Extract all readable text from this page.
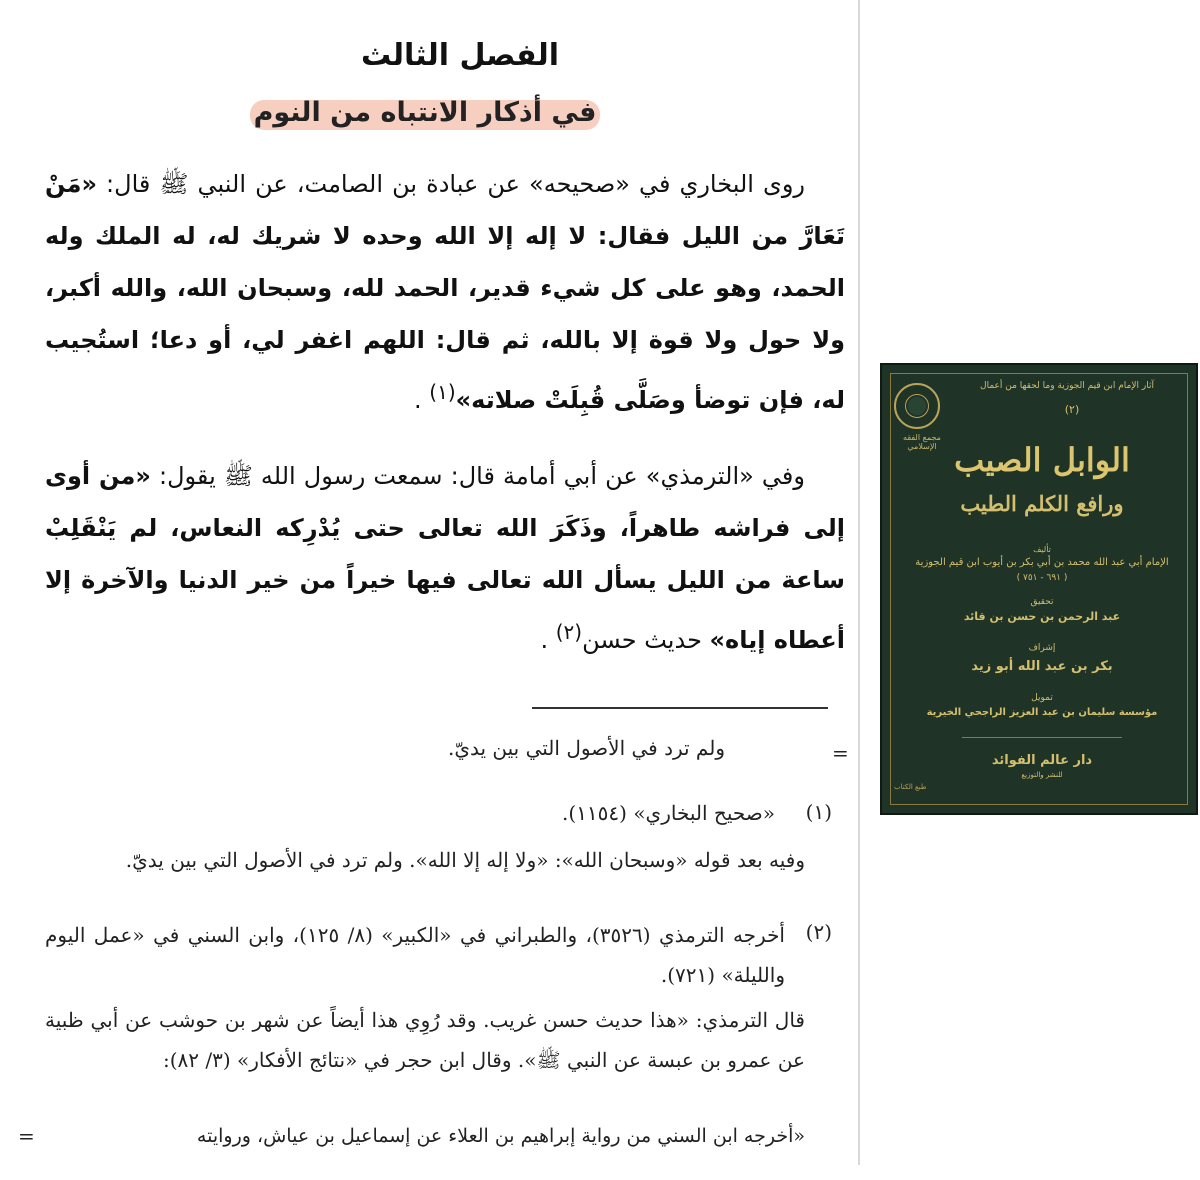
الفصل الثالث
في أذكار الانتباه من النوم

روى البخاري في «صحيحه» عن عبادة بن الصامت، عن النبي ﷺ قال: «مَنْ تَعَارَّ من الليل فقال: لا إله إلا الله وحده لا شريك له، له الملك وله الحمد، وهو على كل شيء قدير، الحمد لله، وسبحان الله، والله أكبر، ولا حول ولا قوة إلا بالله، ثم قال: اللهم اغفر لي، أو دعا؛ استُجيب له، فإن توضأ وصَلَّى قُبِلَتْ صلاته»$^{(١)}$ .

وفي «الترمذي» عن أبي أمامة قال: سمعت رسول الله ﷺ يقول: «من أوى إلى فراشه طاهراً، وذَكَرَ الله تعالى حتى يُدْرِكه النعاس، لم يَنْقَلِبْ ساعة من الليل يسأل الله تعالى فيها خيراً من خير الدنيا والآخرة إلا أعطاه إياه» حديث حسن$^{(٢)}$ .

=
ولم ترد في الأصول التي بين يديّ.
(١)
«صحيح البخاري» (١١٥٤).
وفيه بعد قوله «وسبحان الله»: «ولا إله إلا الله». ولم ترد في الأصول التي بين يديّ.
(٢)
أخرجه الترمذي (٣٥٢٦)، والطبراني في «الكبير» (٨/ ١٢٥)، وابن السني في «عمل اليوم والليلة» (٧٢١).
قال الترمذي: «هذا حديث حسن غريب. وقد رُوِي هذا أيضاً عن شهر بن حوشب عن أبي ظبية عن عمرو بن عبسة عن النبي ﷺ». وقال ابن حجر في «نتائج الأفكار» (٣/ ٨٢):
«أخرجه ابن السني من رواية إبراهيم بن العلاء عن إسماعيل بن عياش، وروايته
=
مجمع الفقه الإسلامي
آثار الإمام ابن قيم الجوزية وما لحقها من أعمال
(٢)
الوابل الصيب
ورافع الكلم الطيب
تأليف
الإمام أبي عبد الله محمد بن أبي بكر بن أيوب ابن قيم الجوزية
( ٦٩١ - ٧٥١ )
تحقيق
عبد الرحمن بن حسن بن قائد
إشراف
بكر بن عبد الله أبو زيد
تمويل
مؤسسة سليمان بن عبد العزيز الراجحي الخيرية
دار عالم الفوائد
للنشر والتوزيع
طبع الكتاب
